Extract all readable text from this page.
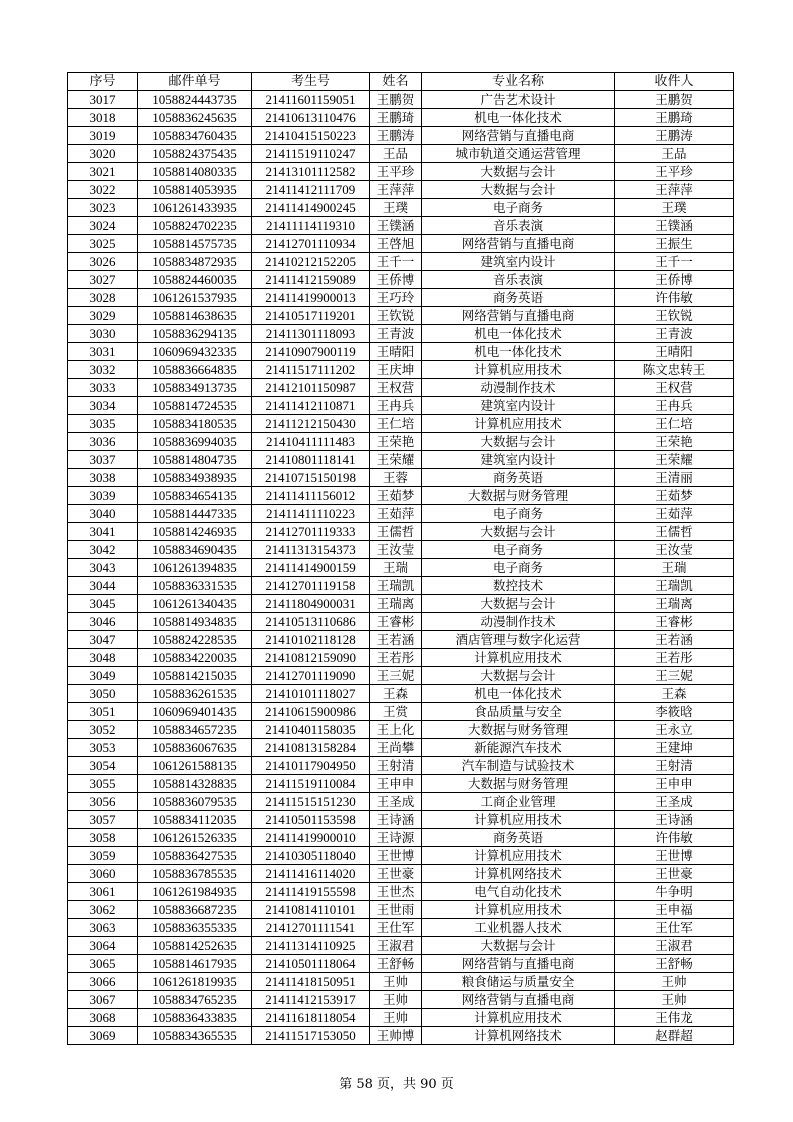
序号	邮件单号	考生号	姓名	专业名称	收件人
3017	1058824443735	21411601159051	王鹏贺	广告艺术设计	王鹏贺
3018	1058836245635	21410613110476	王鹏琦	机电一体化技术	王鹏琦
3019	1058834760435	21410415150223	王鹏涛	网络营销与直播电商	王鹏涛
3020	1058824375435	21411519110247	王品	城市轨道交通运营管理	王品
3021	1058814080335	21413101112582	王平珍	大数据与会计	王平珍
3022	1058814053935	21411412111709	王萍萍	大数据与会计	王萍萍
3023	1061261433935	21411414900245	王璞	电子商务	王璞
3024	1058824702235	21411114119310	王镤涵	音乐表演	王镤涵
3025	1058814575735	21412701110934	王啓旭	网络营销与直播电商	王振生
3026	1058834872935	21410212152205	王千一	建筑室内设计	王千一
3027	1058824460035	21411412159089	王侨博	音乐表演	王侨博
3028	1061261537935	21411419900013	王巧玲	商务英语	许伟敏
3029	1058814638635	21410517119201	王钦锐	网络营销与直播电商	王钦锐
3030	1058836294135	21411301118093	王青波	机电一体化技术	王青波
3031	1060969432335	21410907900119	王晴阳	机电一体化技术	王晴阳
3032	1058836664835	21411517111202	王庆坤	计算机应用技术	陈文忠转王
3033	1058834913735	21412101150987	王权营	动漫制作技术	王权营
3034	1058814724535	21411412110871	王冉兵	建筑室内设计	王冉兵
3035	1058834180535	21411212150430	王仁培	计算机应用技术	王仁培
3036	1058836994035	21410411111483	王荣艳	大数据与会计	王荣艳
3037	1058814804735	21410801118141	王荣耀	建筑室内设计	王荣耀
3038	1058834938935	21410715150198	王蓉	商务英语	王清丽
3039	1058834654135	21411411156012	王茹梦	大数据与财务管理	王茹梦
3040	1058814447335	21411411110223	王茹萍	电子商务	王茹萍
3041	1058814246935	21412701119333	王儒哲	大数据与会计	王儒哲
3042	1058834690435	21411313154373	王汝莹	电子商务	王汝莹
3043	1061261394835	21411414900159	王瑞	电子商务	王瑞
3044	1058836331535	21412701119158	王瑞凯	数控技术	王瑞凯
3045	1061261340435	21411804900031	王瑞离	大数据与会计	王瑞离
3046	1058814934835	21410513110686	王睿彬	动漫制作技术	王睿彬
3047	1058824228535	21410102118128	王若涵	酒店管理与数字化运营	王若涵
3048	1058834220035	21410812159090	王若彤	计算机应用技术	王若彤
3049	1058814215035	21412701119090	王三妮	大数据与会计	王三妮
3050	1058836261535	21410101118027	王森	机电一体化技术	王森
3051	1060969401435	21410615900986	王赏	食品质量与安全	李筱晗
3052	1058834657235	21410401158035	王上化	大数据与财务管理	王永立
3053	1058836067635	21410813158284	王尚攀	新能源汽车技术	王建坤
3054	1061261588135	21410117904950	王射清	汽车制造与试验技术	王射清
3055	1058814328835	21411519110084	王申申	大数据与财务管理	王申申
3056	1058836079535	21411515151230	王圣成	工商企业管理	王圣成
3057	1058834112035	21410501153598	王诗涵	计算机应用技术	王诗涵
3058	1061261526335	21411419900010	王诗源	商务英语	许伟敏
3059	1058836427535	21410305118040	王世博	计算机应用技术	王世博
3060	1058836785535	21411416114020	王世豪	计算机网络技术	王世豪
3061	1061261984935	21411419155598	王世杰	电气自动化技术	牛争明
3062	1058836687235	21410814110101	王世雨	计算机应用技术	王申福
3063	1058836355335	21412701111541	王仕军	工业机器人技术	王仕军
3064	1058814252635	21411314110925	王淑君	大数据与会计	王淑君
3065	1058814617935	21410501118064	王舒畅	网络营销与直播电商	王舒畅
3066	1061261819935	21411418150951	王帅	粮食储运与质量安全	王帅
3067	1058834765235	21411412153917	王帅	网络营销与直播电商	王帅
3068	1058836433835	21411618118054	王帅	计算机应用技术	王伟龙
3069	1058834365535	21411517153050	王帅博	计算机网络技术	赵群超
第 58 页，共 90 页
